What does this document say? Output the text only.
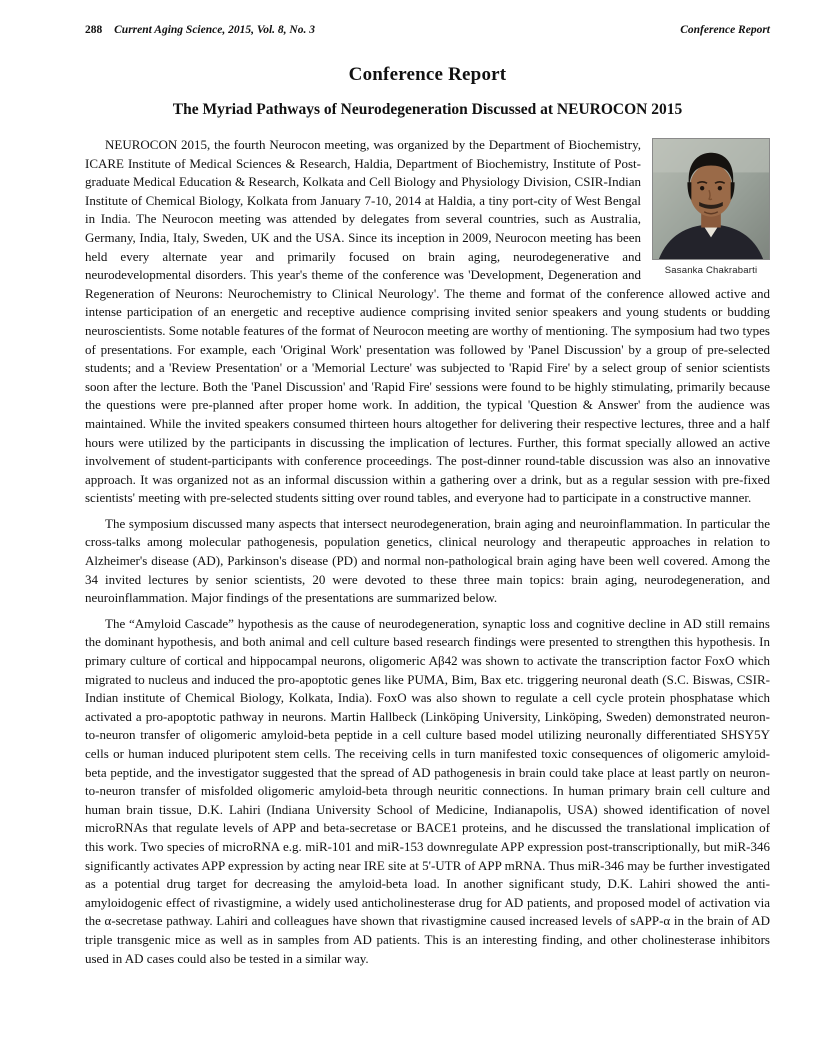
288 Current Aging Science, 2015, Vol. 8, No. 3	Conference Report
Conference Report
The Myriad Pathways of Neurodegeneration Discussed at NEUROCON 2015
Sasanka Chakrabarti

NEUROCON 2015, the fourth Neurocon meeting, was organized by the Department of Biochemistry, ICARE Institute of Medical Sciences & Research, Haldia, Department of Biochemistry, Institute of Post-graduate Medical Education & Research, Kolkata and Cell Biology and Physiology Division, CSIR-Indian Institute of Chemical Biology, Kolkata from January 7-10, 2014 at Haldia, a tiny port-city of West Bengal in India. The Neurocon meeting was attended by delegates from several countries, such as Australia, Germany, India, Italy, Sweden, UK and the USA. Since its inception in 2009, Neurocon meeting has been held every alternate year and primarily focused on brain aging, neurodegenerative and neurodevelopmental disorders. This year's theme of the conference was 'Development, Degeneration and Regeneration of Neurons: Neurochemistry to Clinical Neurology'. The theme and format of the conference allowed active and intense participation of an energetic and receptive audience comprising invited senior speakers and young students or budding neuroscientists. Some notable features of the format of Neurocon meeting are worthy of mentioning. The symposium had two types of presentations. For example, each 'Original Work' presentation was followed by 'Panel Discussion' by a group of pre-selected students; and a 'Review Presentation' or a 'Memorial Lecture' was subjected to 'Rapid Fire' by a select group of senior scientists soon after the lecture. Both the 'Panel Discussion' and 'Rapid Fire' sessions were found to be highly stimulating, primarily because the questions were pre-planned after proper home work. In addition, the typical 'Question & Answer' from the audience was maintained. While the invited speakers consumed thirteen hours altogether for delivering their respective lectures, three and a half hours were utilized by the participants in discussing the implication of lectures. Further, this format specially allowed an active involvement of student-participants with conference proceedings. The post-dinner round-table discussion was also an innovative approach. It was organized not as an informal discussion within a gathering over a drink, but as a regular session with pre-fixed scientists' meeting with pre-selected students sitting over round tables, and everyone had to participate in a constructive manner.

The symposium discussed many aspects that intersect neurodegeneration, brain aging and neuroinflammation. In particular the cross-talks among molecular pathogenesis, population genetics, clinical neurology and therapeutic approaches in relation to Alzheimer's disease (AD), Parkinson's disease (PD) and normal non-pathological brain aging have been well covered. Among the 34 invited lectures by senior scientists, 20 were devoted to these three main topics: brain aging, neurodegeneration, and neuroinflammation. Major findings of the presentations are summarized below.

The “Amyloid Cascade” hypothesis as the cause of neurodegeneration, synaptic loss and cognitive decline in AD still remains the dominant hypothesis, and both animal and cell culture based research findings were presented to strengthen this hypothesis. In primary culture of cortical and hippocampal neurons, oligomeric Aβ42 was shown to activate the transcription factor FoxO which migrated to nucleus and induced the pro-apoptotic genes like PUMA, Bim, Bax etc. triggering neuronal death (S.C. Biswas, CSIR-Indian institute of Chemical Biology, Kolkata, India). FoxO was also shown to regulate a cell cycle protein phosphatase which activated a pro-apoptotic pathway in neurons. Martin Hallbeck (Linköping University, Linköping, Sweden) demonstrated neuron-to-neuron transfer of oligomeric amyloid-beta peptide in a cell culture based model utilizing neuronally differentiated SHSY5Y cells or human induced pluripotent stem cells. The receiving cells in turn manifested toxic consequences of oligomeric amyloid-beta peptide, and the investigator suggested that the spread of AD pathogenesis in brain could take place at least partly on neuron-to-neuron transfer of misfolded oligomeric amyloid-beta through neuritic connections. In human primary brain cell culture and human brain tissue, D.K. Lahiri (Indiana University School of Medicine, Indianapolis, USA) showed identification of novel microRNAs that regulate levels of APP and beta-secretase or BACE1 proteins, and he discussed the translational implication of this work. Two species of microRNA e.g. miR-101 and miR-153 downregulate APP expression post-transcriptionally, but miR-346 significantly activates APP expression by acting near IRE site at 5'-UTR of APP mRNA. Thus miR-346 may be further investigated as a potential drug target for decreasing the amyloid-beta load. In another significant study, D.K. Lahiri showed the anti-amyloidogenic effect of rivastigmine, a widely used anticholinesterase drug for AD patients, and proposed model of activation via the α-secretase pathway. Lahiri and colleagues have shown that rivastigmine caused increased levels of sAPP-α in the brain of AD triple transgenic mice as well as in samples from AD patients. This is an interesting finding, and other cholinesterase inhibitors used in AD cases could also be tested in a similar way.
